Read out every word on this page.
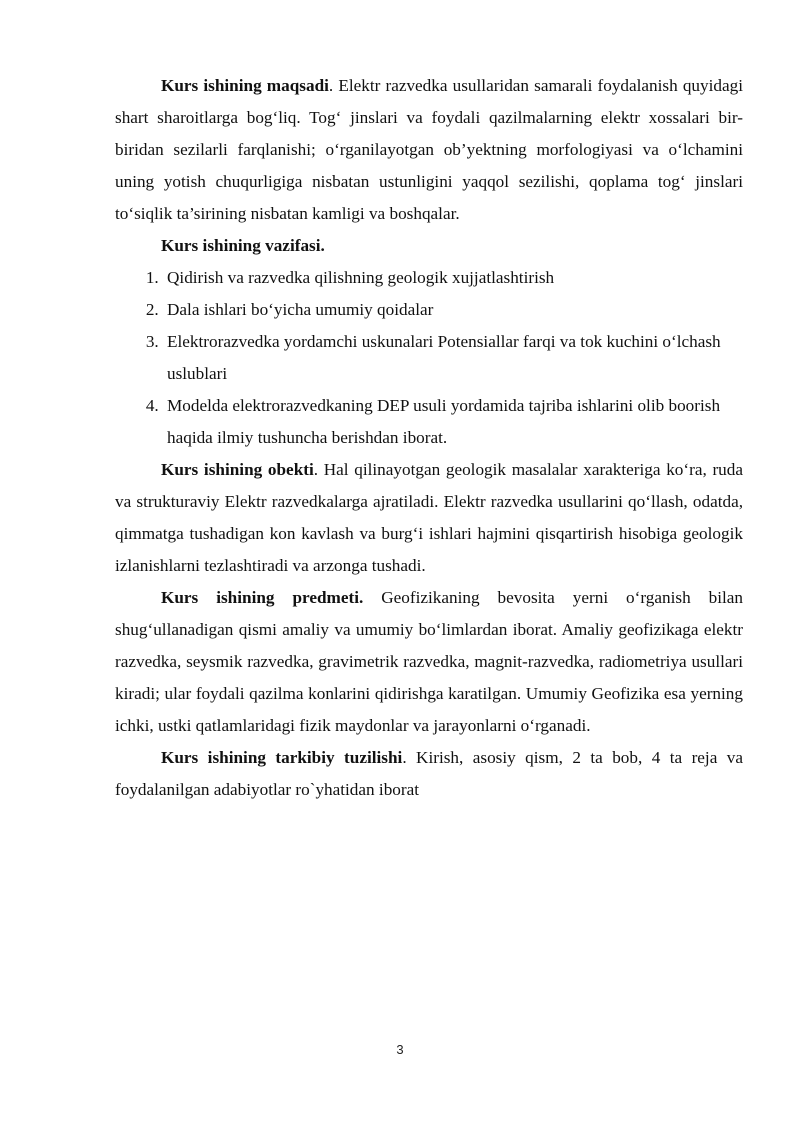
Kurs ishining maqsadi. Elektr razvedka usullaridan samarali foydalanish quyidagi shart sharoitlarga bog‘liq. Tog‘ jinslari va foydali qazilmalarning elektr xossalari bir-biridan sezilarli farqlanishi; o‘rganilayotgan ob’yektning morfologiyasi va o‘lchamini uning yotish chuqurligiga nisbatan ustunligini yaqqol sezilishi, qoplama tog‘ jinslari to‘siqlik ta’sirining nisbatan kamligi va boshqalar.

Kurs ishining vazifasi.

1. Qidirish va razvedka qilishning geologik xujjatlashtirish
2. Dala ishlari bo‘yicha umumiy qoidalar
3. Elektrorazvedka yordamchi uskunalari Potensiallar farqi va tok kuchini o‘lchash uslublari
4. Modelda elektrorazvedkaning DEP usuli yordamida tajriba ishlarini olib boorish haqida ilmiy tushuncha berishdan iborat.

Kurs ishining obekti. Hal qilinayotgan geologik masalalar xarakteriga ko‘ra, ruda va strukturaviy Elektr razvedkalarga ajratiladi. Elektr razvedka usullarini qo‘llash, odatda, qimmatga tushadigan kon kavlash va burg‘i ishlari hajmini qisqartirish hisobiga geologik izlanishlarni tezlashtiradi va arzonga tushadi.

Kurs ishining predmeti. Geofizikaning bevosita yerni o‘rganish bilan shug‘ullanadigan qismi amaliy va umumiy bo‘limlardan iborat. Amaliy geofizikaga elektr razvedka, seysmik razvedka, gravimetrik razvedka, magnit-razvedka, radiometriya usullari kiradi; ular foydali qazilma konlarini qidirishga karatilgan. Umumiy Geofizika esa yerning ichki, ustki qatlamlaridagi fizik maydonlar va jarayonlarni o‘rganadi.

Kurs ishining tarkibiy tuzilishi. Kirish, asosiy qism, 2 ta bob, 4 ta reja va foydalanilgan adabiyotlar ro`yhatidan iborat

3
